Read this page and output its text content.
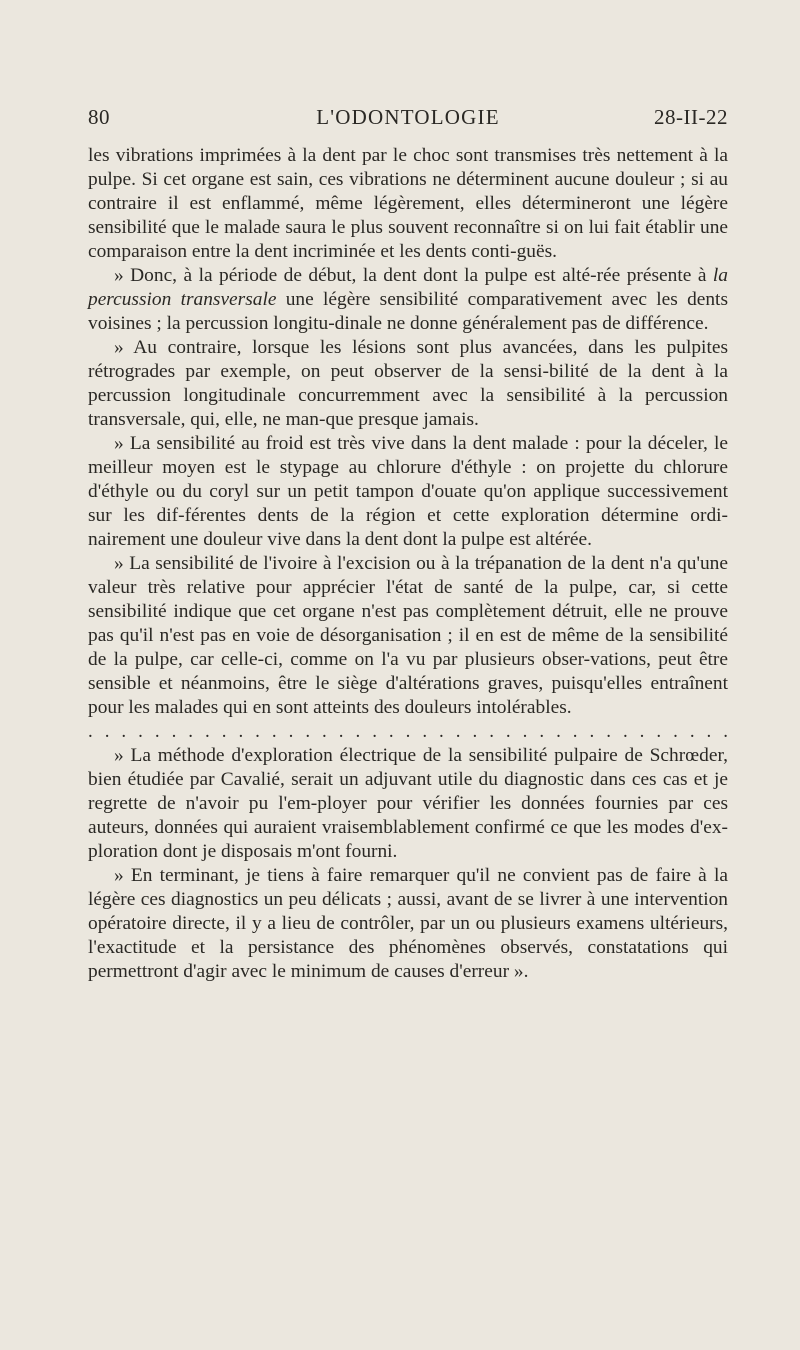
80	L'ODONTOLOGIE	28-II-22

les vibrations imprimées à la dent par le choc sont transmises très nettement à la pulpe. Si cet organe est sain, ces vibrations ne déterminent aucune douleur ; si au contraire il est enflammé, même légèrement, elles détermineront une légère sensibilité que le malade saura le plus souvent reconnaître si on lui fait établir une comparaison entre la dent incriminée et les dents conti-guës.

» Donc, à la période de début, la dent dont la pulpe est alté-rée présente à la percussion transversale une légère sensibilité comparativement avec les dents voisines ; la percussion longitu-dinale ne donne généralement pas de différence.

» Au contraire, lorsque les lésions sont plus avancées, dans les pulpites rétrogrades par exemple, on peut observer de la sensi-bilité de la dent à la percussion longitudinale concurremment avec la sensibilité à la percussion transversale, qui, elle, ne man-que presque jamais.

» La sensibilité au froid est très vive dans la dent malade : pour la déceler, le meilleur moyen est le stypage au chlorure d'éthyle : on projette du chlorure d'éthyle ou du coryl sur un petit tampon d'ouate qu'on applique successivement sur les dif-férentes dents de la région et cette exploration détermine ordi-nairement une douleur vive dans la dent dont la pulpe est altérée.

» La sensibilité de l'ivoire à l'excision ou à la trépanation de la dent n'a qu'une valeur très relative pour apprécier l'état de santé de la pulpe, car, si cette sensibilité indique que cet organe n'est pas complètement détruit, elle ne prouve pas qu'il n'est pas en voie de désorganisation ; il en est de même de la sensibilité de la pulpe, car celle-ci, comme on l'a vu par plusieurs obser-vations, peut être sensible et néanmoins, être le siège d'altérations graves, puisqu'elles entraînent pour les malades qui en sont atteints des douleurs intolérables.

. . . . . . . . . . . . . . . . . . . . . . . . . . . . . . . . . . . . . . .

» La méthode d'exploration électrique de la sensibilité pulpaire de Schrœder, bien étudiée par Cavalié, serait un adjuvant utile du diagnostic dans ces cas et je regrette de n'avoir pu l'em-ployer pour vérifier les données fournies par ces auteurs, données qui auraient vraisemblablement confirmé ce que les modes d'ex-ploration dont je disposais m'ont fourni.

» En terminant, je tiens à faire remarquer qu'il ne convient pas de faire à la légère ces diagnostics un peu délicats ; aussi, avant de se livrer à une intervention opératoire directe, il y a lieu de contrôler, par un ou plusieurs examens ultérieurs, l'exactitude et la persistance des phénomènes observés, constatations qui permettront d'agir avec le minimum de causes d'erreur ».
